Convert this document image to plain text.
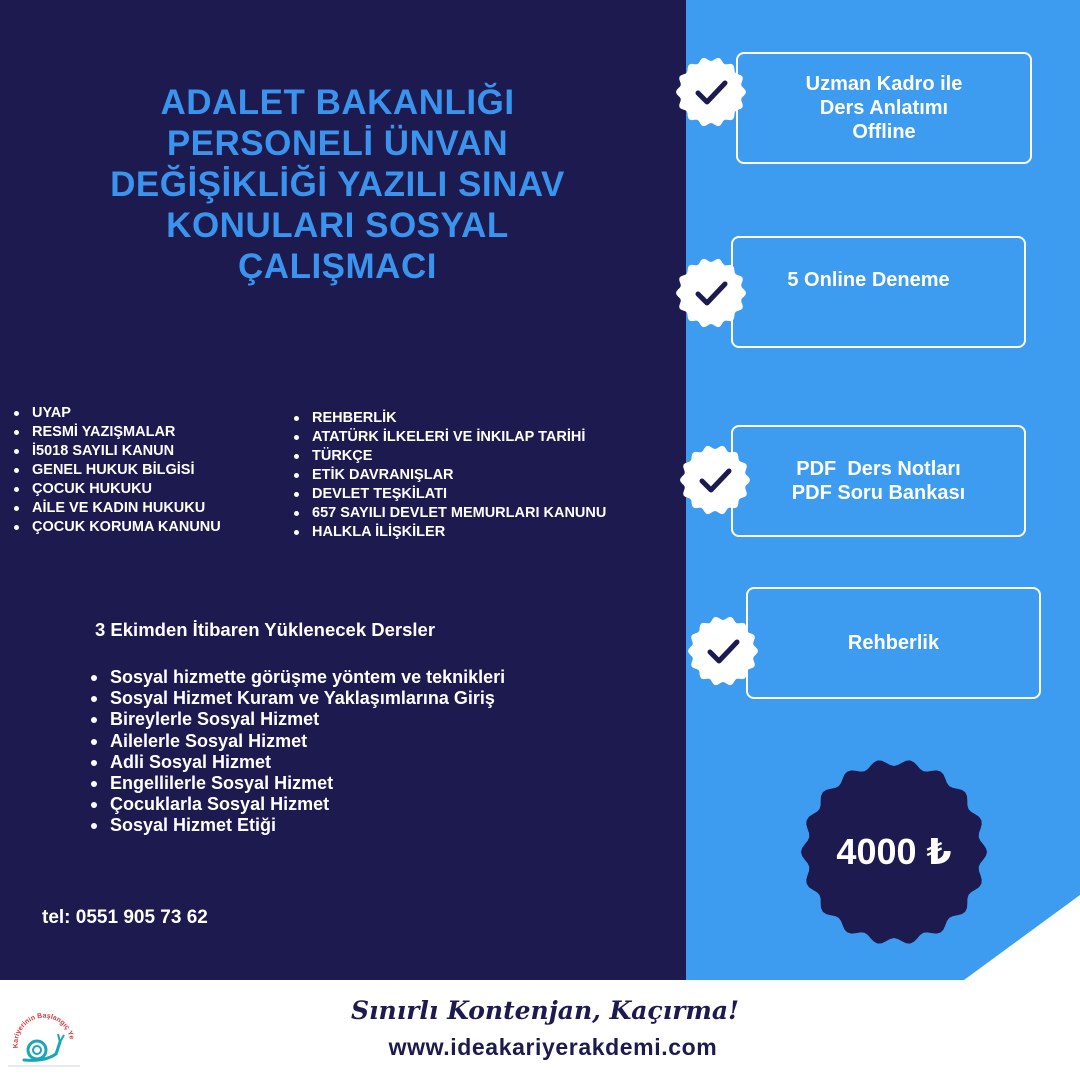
ADALET BAKANLIĞI
PERSONELİ ÜNVAN
DEĞİŞİKLİĞİ YAZILI SINAV
KONULARI SOSYAL
ÇALIŞMACI
UYAP
RESMİ YAZIŞMALAR
İ5018 SAYILI KANUN
GENEL HUKUK BİLGİSİ
ÇOCUK HUKUKU
AİLE VE KADIN HUKUKU
ÇOCUK KORUMA KANUNU
REHBERLİK
ATATÜRK İLKELERİ VE İNKILAP TARİHİ
TÜRKÇE
ETİK DAVRANIŞLAR
DEVLET TEŞKİLATI
657 SAYILI DEVLET MEMURLARI KANUNU
HALKLA İLİŞKİLER
3 Ekimden İtibaren Yüklenecek Dersler
Sosyal hizmette görüşme yöntem ve teknikleri
Sosyal Hizmet Kuram ve Yaklaşımlarına Giriş
Bireylerle Sosyal Hizmet
Ailelerle Sosyal Hizmet
Adli Sosyal Hizmet
Engellilerle Sosyal Hizmet
Çocuklarla Sosyal Hizmet
Sosyal Hizmet Etiği
tel: 0551 905 73 62
Uzman Kadro ile
Ders Anlatımı
Offline
5 Online Deneme
PDF  Ders Notları
PDF Soru Bankası
Rehberlik
4000 ₺
Sınırlı Kontenjan, Kaçırma!
www.ideakariyerakdemi.com
Kariyerinin Başlangıç Ye
